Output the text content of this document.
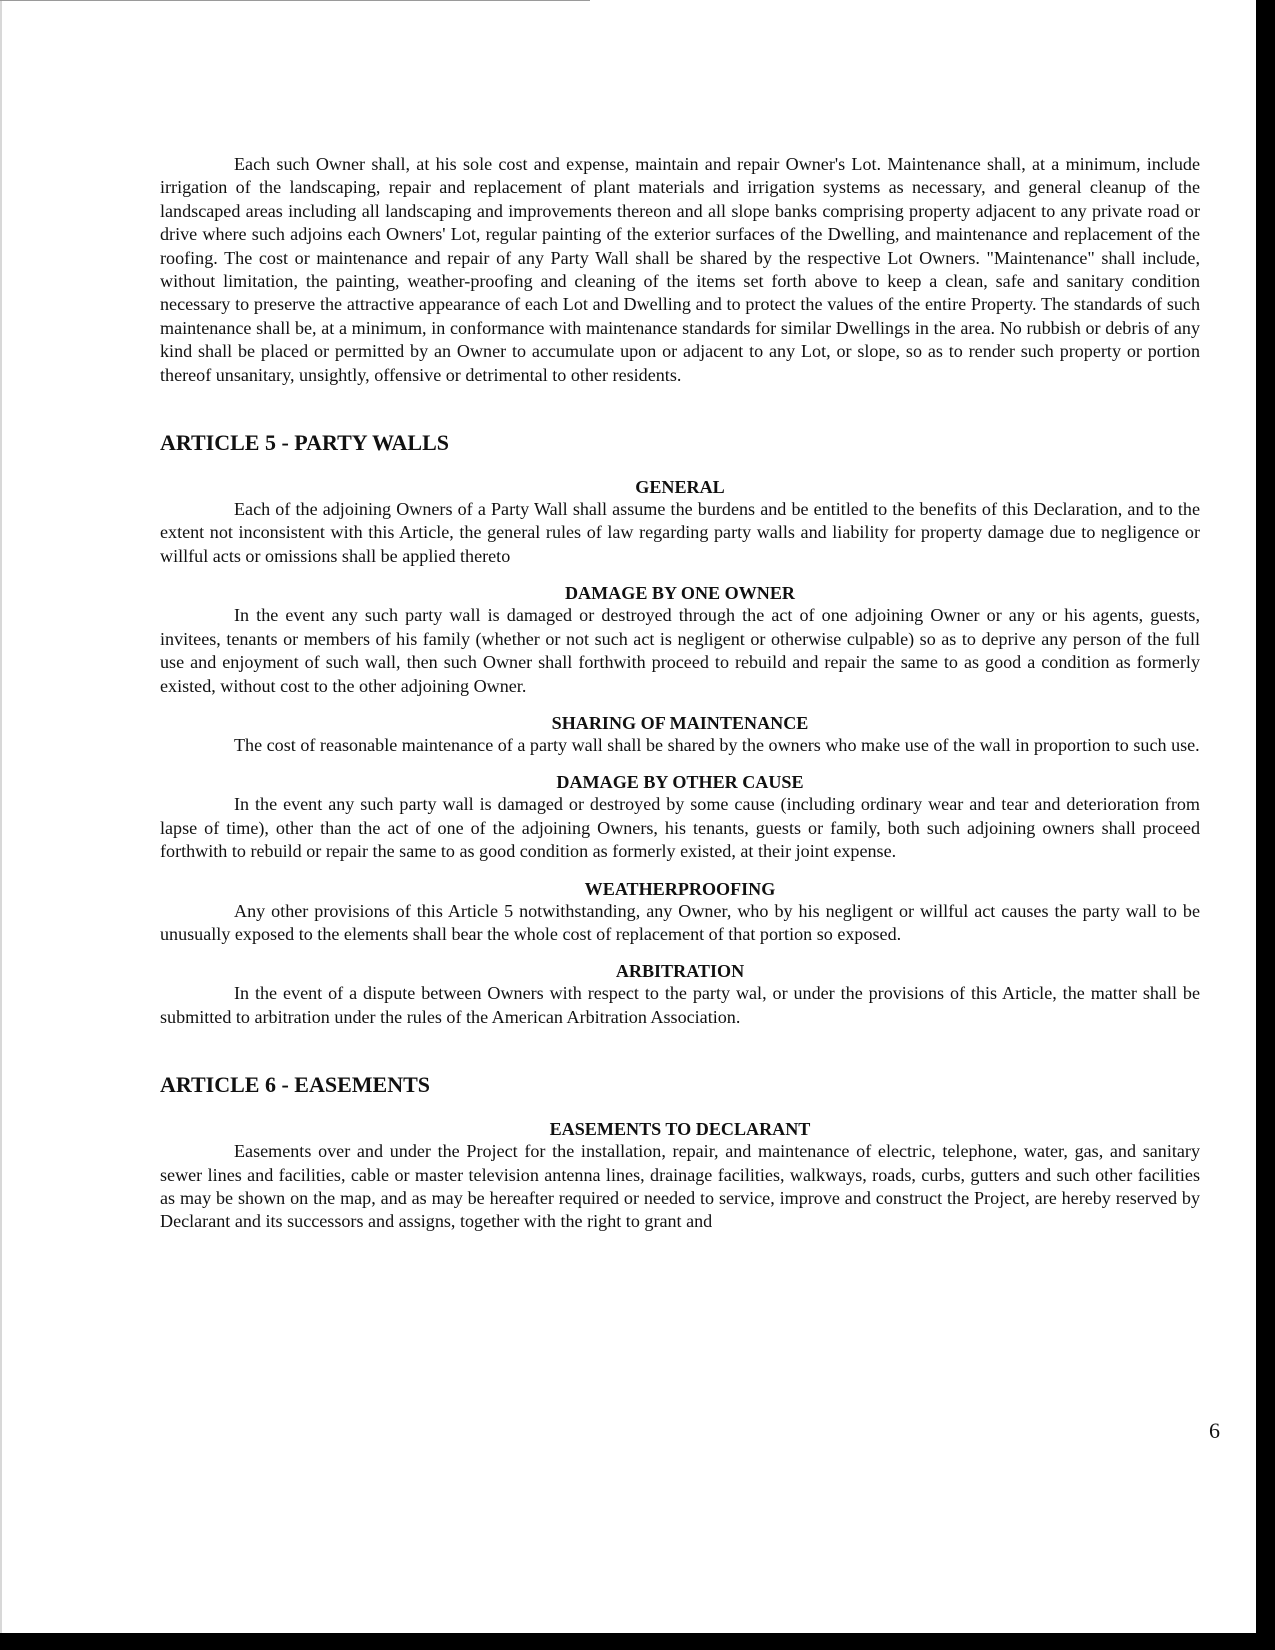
Each such Owner shall, at his sole cost and expense, maintain and repair Owner's Lot. Maintenance shall, at a minimum, include irrigation of the landscaping, repair and replacement of plant materials and irrigation systems as necessary, and general cleanup of the landscaped areas including all landscaping and improvements thereon and all slope banks comprising property adjacent to any private road or drive where such adjoins each Owners' Lot, regular painting of the exterior surfaces of the Dwelling, and maintenance and replacement of the roofing. The cost or maintenance and repair of any Party Wall shall be shared by the respective Lot Owners. "Maintenance" shall include, without limitation, the painting, weather-proofing and cleaning of the items set forth above to keep a clean, safe and sanitary condition necessary to preserve the attractive appearance of each Lot and Dwelling and to protect the values of the entire Property. The standards of such maintenance shall be, at a minimum, in conformance with maintenance standards for similar Dwellings in the area. No rubbish or debris of any kind shall be placed or permitted by an Owner to accumulate upon or adjacent to any Lot, or slope, so as to render such property or portion thereof unsanitary, unsightly, offensive or detrimental to other residents.

ARTICLE 5 - PARTY WALLS
GENERAL

Each of the adjoining Owners of a Party Wall shall assume the burdens and be entitled to the benefits of this Declaration, and to the extent not inconsistent with this Article, the general rules of law regarding party walls and liability for property damage due to negligence or willful acts or omissions shall be applied thereto

DAMAGE BY ONE OWNER

In the event any such party wall is damaged or destroyed through the act of one adjoining Owner or any or his agents, guests, invitees, tenants or members of his family (whether or not such act is negligent or otherwise culpable) so as to deprive any person of the full use and enjoyment of such wall, then such Owner shall forthwith proceed to rebuild and repair the same to as good a condition as formerly existed, without cost to the other adjoining Owner.

SHARING OF MAINTENANCE

The cost of reasonable maintenance of a party wall shall be shared by the owners who make use of the wall in proportion to such use.

DAMAGE BY OTHER CAUSE

In the event any such party wall is damaged or destroyed by some cause (including ordinary wear and tear and deterioration from lapse of time), other than the act of one of the adjoining Owners, his tenants, guests or family, both such adjoining owners shall proceed forthwith to rebuild or repair the same to as good condition as formerly existed, at their joint expense.

WEATHERPROOFING

Any other provisions of this Article 5 notwithstanding, any Owner, who by his negligent or willful act causes the party wall to be unusually exposed to the elements shall bear the whole cost of replacement of that portion so exposed.

ARBITRATION

In the event of a dispute between Owners with respect to the party wal, or under the provisions of this Article, the matter shall be submitted to arbitration under the rules of the American Arbitration Association.

ARTICLE 6 - EASEMENTS
EASEMENTS TO DECLARANT

Easements over and under the Project for the installation, repair, and maintenance of electric, telephone, water, gas, and sanitary sewer lines and facilities, cable or master television antenna lines, drainage facilities, walkways, roads, curbs, gutters and such other facilities as may be shown on the map, and as may be hereafter required or needed to service, improve and construct the Project, are hereby reserved by Declarant and its successors and assigns, together with the right to grant and

6
